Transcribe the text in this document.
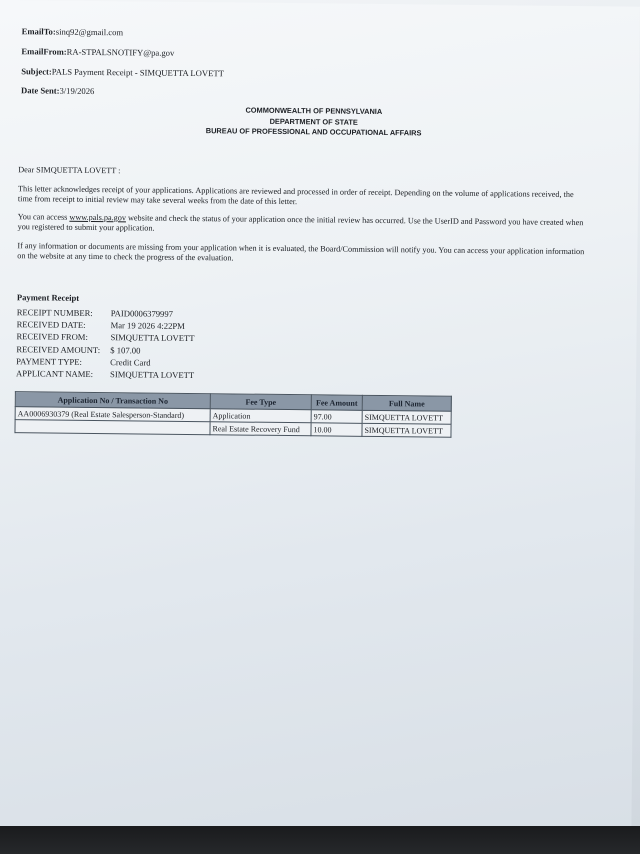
EmailTo:sinq92@gmail.com
EmailFrom:RA-STPALSNOTIFY@pa.gov
Subject:PALS Payment Receipt - SIMQUETTA LOVETT
Date Sent:3/19/2026
COMMONWEALTH OF PENNSYLVANIA
DEPARTMENT OF STATE
BUREAU OF PROFESSIONAL AND OCCUPATIONAL AFFAIRS
Dear SIMQUETTA LOVETT :
This letter acknowledges receipt of your applications. Applications are reviewed and processed in order of receipt. Depending on the volume of applications received, the time from receipt to initial review may take several weeks from the date of this letter.
You can access www.pals.pa.gov website and check the status of your application once the initial review has occurred. Use the UserID and Password you have created when you registered to submit your application.
If any information or documents are missing from your application when it is evaluated, the Board/Commission will notify you. You can access your application information on the website at any time to check the progress of the evaluation.
Payment Receipt
RECEIPT NUMBER:	PAID0006379997
RECEIVED DATE:	Mar 19 2026 4:22PM
RECEIVED FROM:	SIMQUETTA LOVETT
RECEIVED AMOUNT:	$ 107.00
PAYMENT TYPE:	Credit Card
APPLICANT NAME:	SIMQUETTA LOVETT
Application No / Transaction No	Fee Type	Fee Amount	Full Name
AA0006930379 (Real Estate Salesperson-Standard)	Application	97.00	SIMQUETTA LOVETT
	Real Estate Recovery Fund	10.00	SIMQUETTA LOVETT
